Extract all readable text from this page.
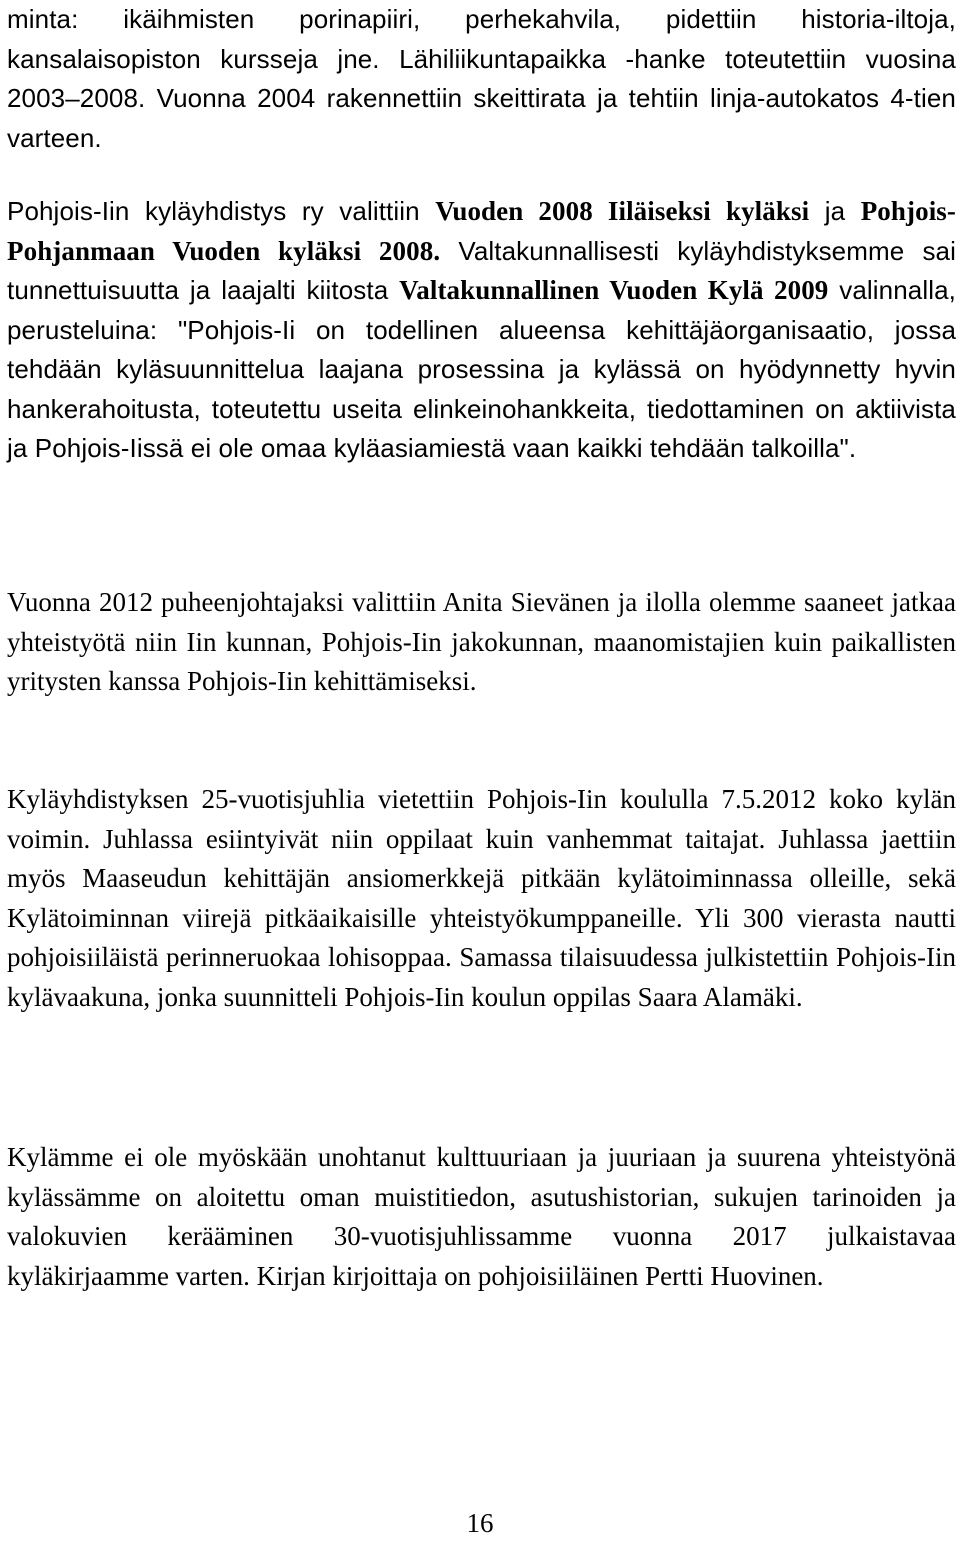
minta: ikäihmisten porinapiiri, perhekahvila, pidettiin historia-iltoja, kansalaisopiston kursseja jne. Lähiliikuntapaikka -hanke toteutettiin vuosina 2003–2008. Vuonna 2004 rakennettiin skeittirata ja tehtiin linja-autokatos 4-tien varteen.

Pohjois-Iin kyläyhdistys ry valittiin Vuoden 2008 Iiläiseksi kyläksi ja Pohjois-Pohjanmaan Vuoden kyläksi 2008. Valtakunnallisesti kyläyhdistyksemme sai tunnettuisuutta ja laajalti kiitosta Valtakunnallinen Vuoden Kylä 2009 valinnalla, perusteluina: "Pohjois-Ii on todellinen alueensa kehittäjäorganisaatio, jossa tehdään kyläsuunnittelua laajana prosessina ja kylässä on hyödynnetty hyvin hankerahoitusta, toteutettu useita elinkeinohankkeita, tiedottaminen on aktiivista ja Pohjois-Iissä ei ole omaa kyläasiamiestä vaan kaikki tehdään talkoilla".

Vuonna 2012 puheenjohtajaksi valittiin Anita Sievänen ja ilolla olemme saaneet jatkaa yhteistyötä niin Iin kunnan, Pohjois-Iin jakokunnan, maanomistajien kuin paikallisten yritysten kanssa Pohjois-Iin kehittämiseksi.

Kyläyhdistyksen 25-vuotisjuhlia vietettiin Pohjois-Iin koululla 7.5.2012 koko kylän voimin. Juhlassa esiintyivät niin oppilaat kuin vanhemmat taitajat. Juhlassa jaettiin myös Maaseudun kehittäjän ansiomerkkejä pitkään kylätoiminnassa olleille, sekä Kylätoiminnan viirejä pitkäaikaisille yhteistyökumppaneille. Yli 300 vierasta nautti pohjoisiiläistä perinneruokaa lohisoppaa. Samassa tilaisuudessa julkistettiin Pohjois-Iin kylävaakuna, jonka suunnitteli Pohjois-Iin koulun oppilas Saara Alamäki.

Kylämme ei ole myöskään unohtanut kulttuuriaan ja juuriaan ja suurena yhteistyönä kylässämme on aloitettu oman muistitiedon, asutushistorian, sukujen tarinoiden ja valokuvien kerääminen 30-vuotisjuhlissamme vuonna 2017 julkaistavaa kyläkirjaamme varten. Kirjan kirjoittaja on pohjoisiiläinen Pertti Huovinen.

16
